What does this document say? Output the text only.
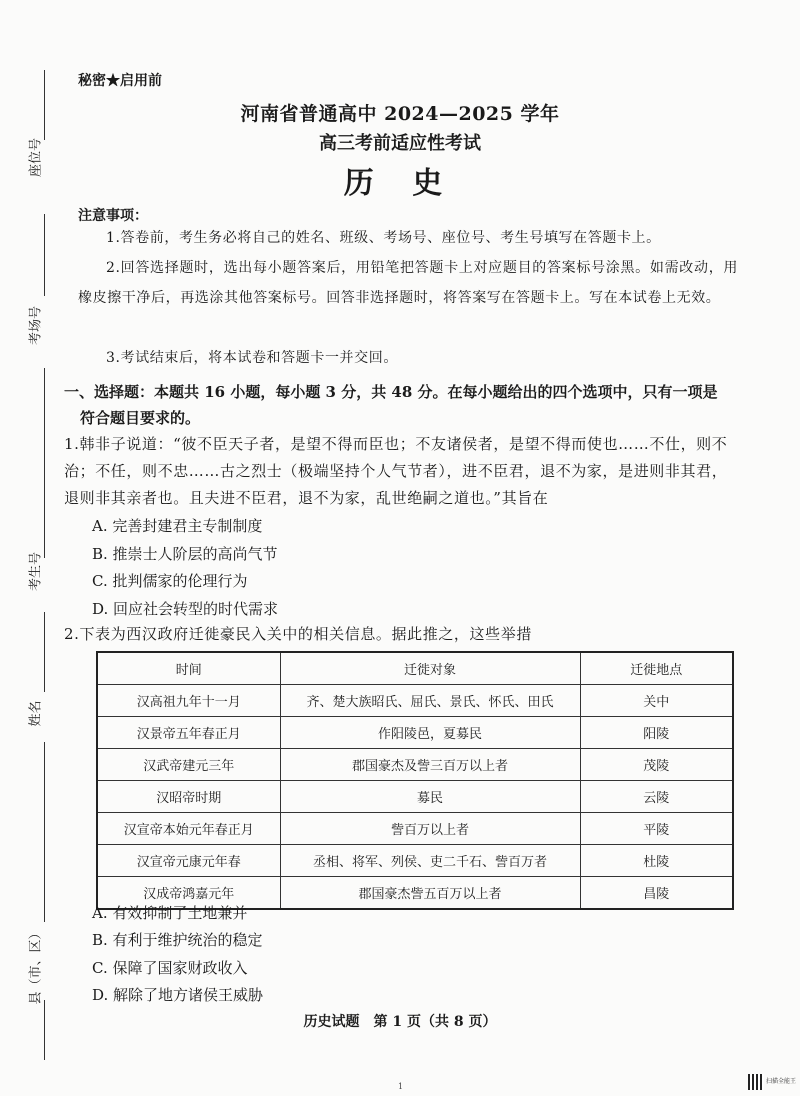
座位号
考场号
考生号
姓名
县（市、区）
秘密★启用前
河南省普通高中 2024—2025 学年
高三考前适应性考试
历 史
注意事项：
1.答卷前，考生务必将自己的姓名、班级、考场号、座位号、考生号填写在答题卡上。
2.回答选择题时，选出每小题答案后，用铅笔把答题卡上对应题目的答案标号涂黑。如需改动，用橡皮擦干净后，再选涂其他答案标号。回答非选择题时，将答案写在答题卡上。写在本试卷上无效。
3.考试结束后，将本试卷和答题卡一并交回。
一、选择题：本题共 16 小题，每小题 3 分，共 48 分。在每小题给出的四个选项中，只有一项是
符合题目要求的。
1.韩非子说道：“彼不臣天子者，是望不得而臣也；不友诸侯者，是望不得而使也……不仕，则不治；不任，则不忠……古之烈士（极端坚持个人气节者），进不臣君，退不为家，是进则非其君，退则非其亲者也。且夫进不臣君，退不为家，乱世绝嗣之道也。”其旨在
A. 完善封建君主专制制度
B. 推崇士人阶层的高尚气节
C. 批判儒家的伦理行为
D. 回应社会转型的时代需求
2.下表为西汉政府迁徙豪民入关中的相关信息。据此推之，这些举措
时间	迁徙对象	迁徙地点
汉高祖九年十一月	齐、楚大族昭氏、屈氏、景氏、怀氏、田氏	关中
汉景帝五年春正月	作阳陵邑，夏募民	阳陵
汉武帝建元三年	郡国豪杰及訾三百万以上者	茂陵
汉昭帝时期	募民	云陵
汉宣帝本始元年春正月	訾百万以上者	平陵
汉宣帝元康元年春	丞相、将军、列侯、吏二千石、訾百万者	杜陵
汉成帝鸿嘉元年	郡国豪杰訾五百万以上者	昌陵
A. 有效抑制了土地兼并
B. 有利于维护统治的稳定
C. 保障了国家财政收入
D. 解除了地方诸侯王威胁
历史试题　第 1 页（共 8 页）
1
扫描全能王
